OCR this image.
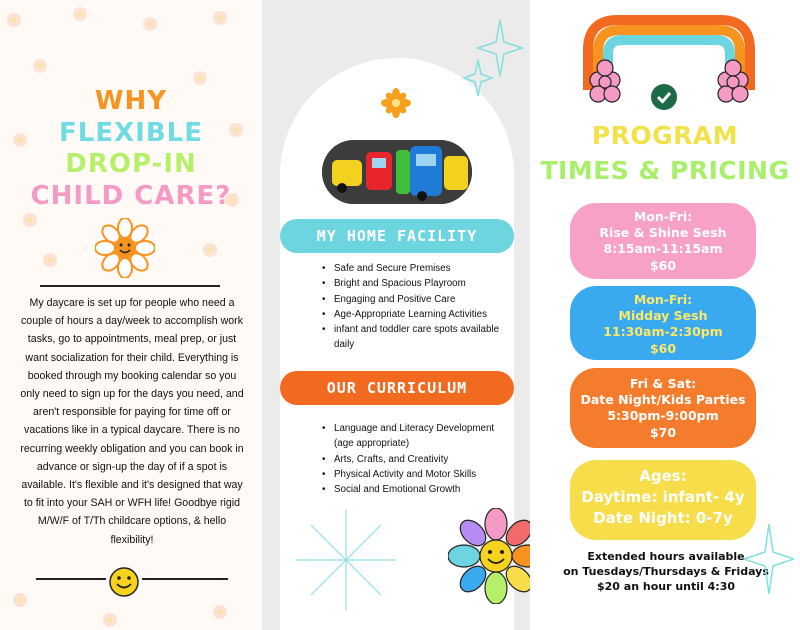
WHY
FLEXIBLE
DROP-IN
CHILD CARE?
My daycare is set up for people who need a couple of hours a day/week to accomplish work tasks, go to appointments, meal prep, or just want socialization for their child. Everything is booked through my booking calendar so you only need to sign up for the days you need, and aren't responsible for paying for time off or vacations like in a typical daycare. There is no recurring weekly obligation and you can book in advance or sign-up the day of if a spot is available. It's flexible and it's designed that way to fit into your SAH or WFH life! Goodbye rigid M/W/F of T/Th childcare options, & hello flexibility!
MY HOME FACILITY
• Safe and Secure Premises
• Bright and Spacious Playroom
• Engaging and Positive Care
• Age-Appropriate Learning Activities
• infant and toddler care spots available daily
OUR CURRICULUM
• Language and Literacy Development (age appropriate)
• Arts, Crafts, and Creativity
• Physical Activity and Motor Skills
• Social and Emotional Growth
PROGRAM
TIMES & PRICING
Mon-Fri:
Rise & Shine Sesh
8:15am-11:15am
$60
Mon-Fri:
Midday Sesh
11:30am-2:30pm
$60
Fri & Sat:
Date Night/Kids Parties
5:30pm-9:00pm
$70
Ages:
Daytime: infant- 4y
Date Night: 0-7y
Extended hours available
on Tuesdays/Thursdays & Fridays
$20 an hour until 4:30
